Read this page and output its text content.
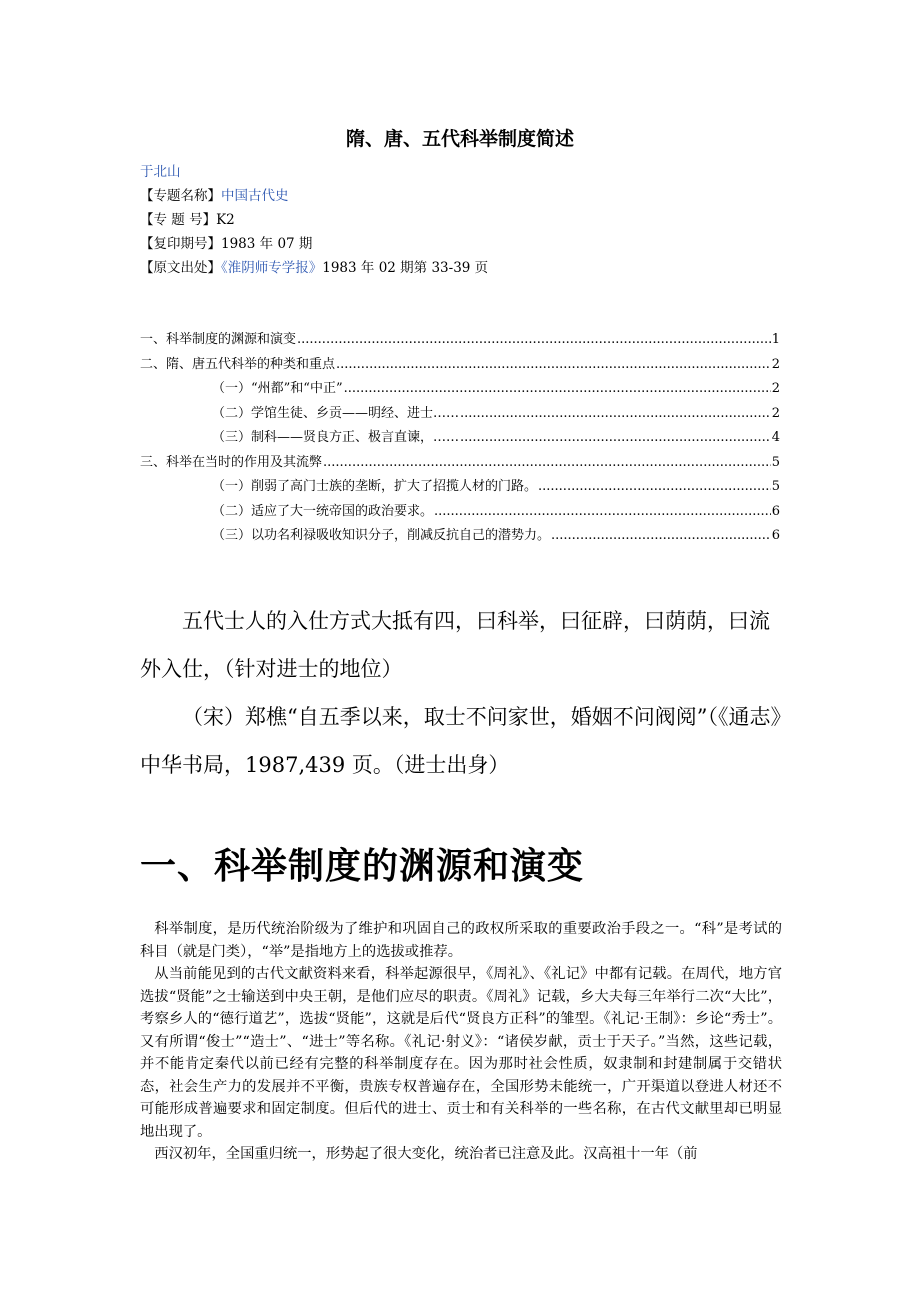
隋、唐、五代科举制度简述
于北山
【专题名称】中国古代史
【专 题 号】K2
【复印期号】1983 年 07 期
【原文出处】《淮阴师专学报》1983 年 02 期第 33-39 页
一、科举制度的渊源和演变 .....	1
二、隋、唐五代科举的种类和重点 .....	2
（一）“州都”和“中正” .....	2
（二）学馆生徒、乡贡——明经、进士…… .....	2
（三）制科——贤良方正、极言直谏，…… .....	4
三、科举在当时的作用及其流弊 .....	5
（一）削弱了高门士族的垄断，扩大了招揽人材的门路。 .....	5
（二）适应了大一统帝国的政治要求。 .....	6
（三）以功名利禄吸收知识分子，削减反抗自己的潜势力。 .....	6

五代士人的入仕方式大抵有四，曰科举，曰征辟，曰荫荫，曰流外入仕，（针对进士的地位）

（宋）郑樵“自五季以来，取士不问家世，婚姻不问阀阅”（《通志》中华书局，1987,439 页。（进士出身）

一、科举制度的渊源和演变

科举制度，是历代统治阶级为了维护和巩固自己的政权所采取的重要政治手段之一。“科”是考试的科目（就是门类），“举”是指地方上的选拔或推荐。

从当前能见到的古代文献资料来看，科举起源很早，《周礼》、《礼记》中都有记载。在周代，地方官选拔“贤能”之士输送到中央王朝，是他们应尽的职责。《周礼》记载，乡大夫每三年举行二次“大比”，考察乡人的“德行道艺”，选拔“贤能”，这就是后代“贤良方正科”的雏型。《礼记·王制》：乡论“秀士”。又有所谓“俊士”“造士”、“进士”等名称。《礼记·射义》：“诸侯岁献，贡士于天子。”当然，这些记载，并不能肯定秦代以前已经有完整的科举制度存在。因为那时社会性质，奴隶制和封建制属于交错状态，社会生产力的发展并不平衡，贵族专权普遍存在，全国形势未能统一，广开渠道以登进人材还不可能形成普遍要求和固定制度。但后代的进士、贡士和有关科举的一些名称，在古代文献里却已明显地出现了。

西汉初年，全国重归统一，形势起了很大变化，统治者已注意及此。汉高祖十一年（前
